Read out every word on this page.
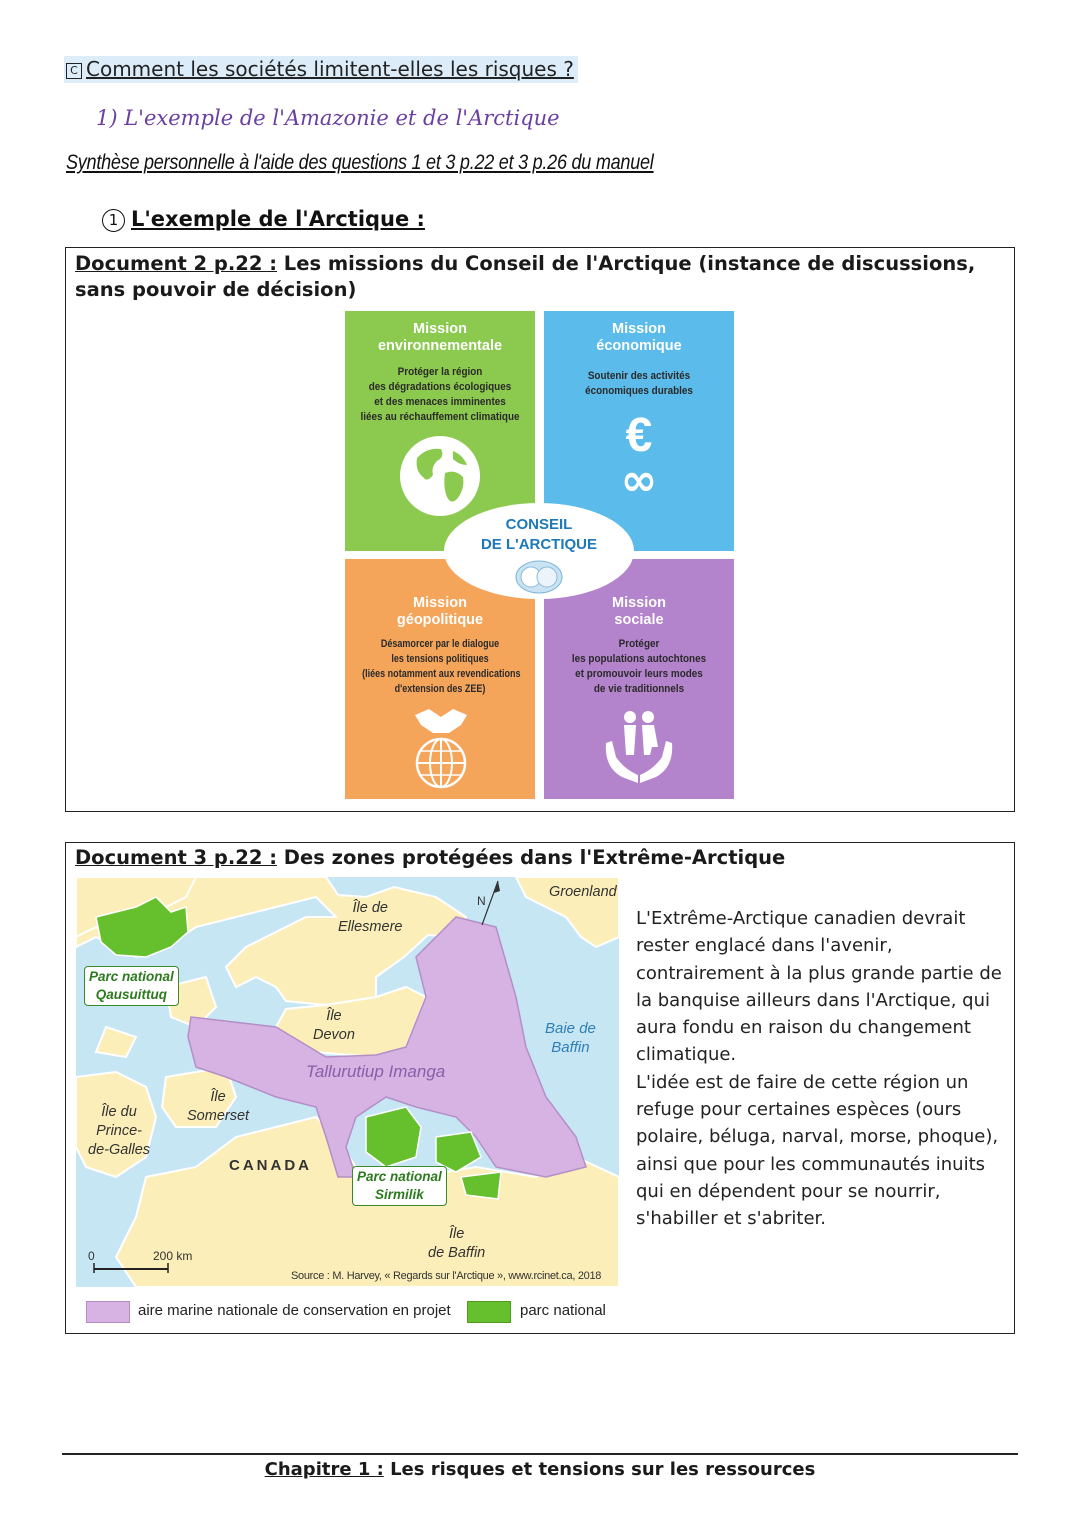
C Comment les sociétés limitent-elles les risques ?
1) L'exemple de l'Amazonie et de l'Arctique
Synthèse personnelle à l'aide des questions 1 et 3 p.22 et 3 p.26 du manuel
1 L'exemple de l'Arctique :
Document 2 p.22 : Les missions du Conseil de l'Arctique (instance de discussions, sans pouvoir de décision)
Mission
environnementale
Protéger la région
des dégradations écologiques
et des menaces imminentes
liées au réchauffement climatique
Mission
économique
Soutenir des activités
économiques durables
€
∞
Mission
géopolitique
Désamorcer par le dialogue
les tensions politiques
(liées notamment aux revendications
d'extension des ZEE)
Mission
sociale
Protéger
les populations autochtones
et promouvoir leurs modes
de vie traditionnels
CONSEIL
DE L'ARCTIQUE
Document 3 p.22 : Des zones protégées dans l'Extrême-Arctique
Île de
Ellesmere
Groenland
N
Parc national
Qausuittuq
Île
Devon	Baie de
Baffin
Tallurutiup Imanga
Île
Somerset
Île du
Prince-
de-Galles
CANADA
Parc national
Sirmilik
Île
de Baffin
0	200 km
Source : M. Harvey, « Regards sur l'Arctique », www.rcinet.ca, 2018
L'Extrême-Arctique canadien devrait rester englacé dans l'avenir, contrairement à la plus grande partie de la banquise ailleurs dans l'Arctique, qui aura fondu en raison du changement climatique.
L'idée est de faire de cette région un refuge pour certaines espèces (ours polaire, béluga, narval, morse, phoque), ainsi que pour les communautés inuits qui en dépendent pour se nourrir, s'habiller et s'abriter.
aire marine nationale de conservation en projet	parc national
Chapitre 1 : Les risques et tensions sur les ressources
